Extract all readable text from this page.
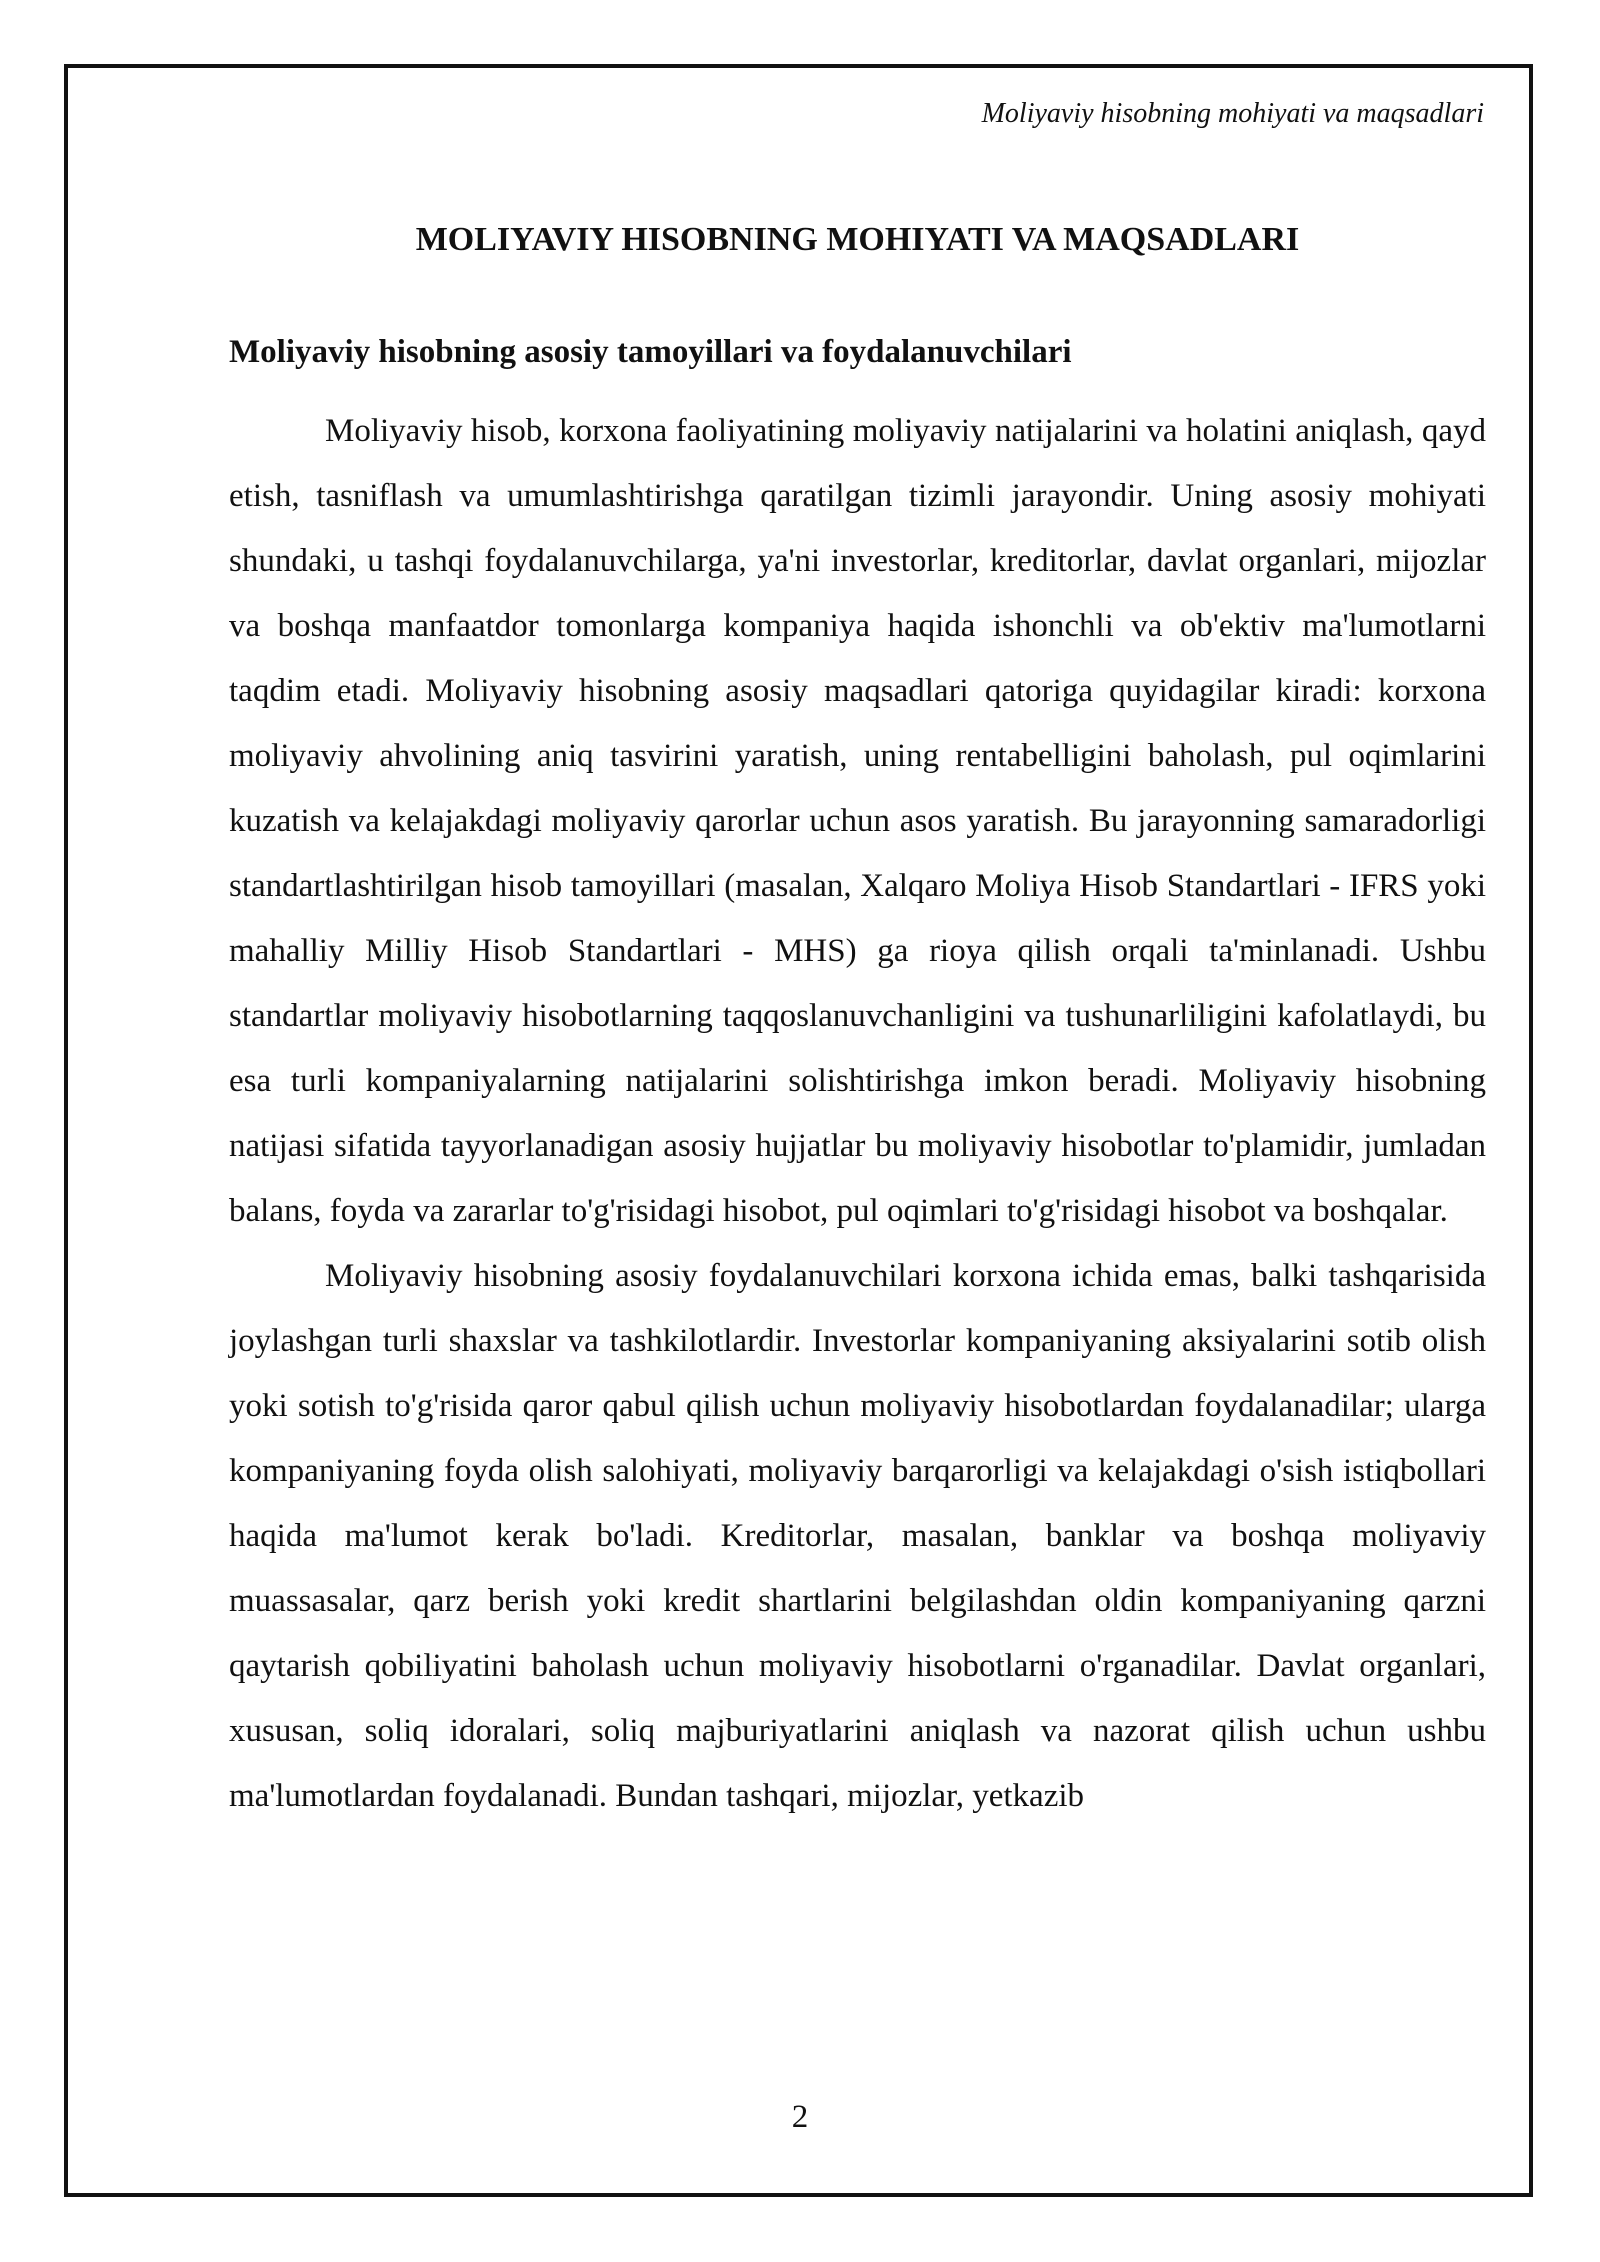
Moliyaviy hisobning mohiyati va maqsadlari
MOLIYAVIY HISOBNING MOHIYATI VA MAQSADLARI
Moliyaviy hisobning asosiy tamoyillari va foydalanuvchilari

Moliyaviy hisob, korxona faoliyatining moliyaviy natijalarini va holatini aniqlash, qayd etish, tasniflash va umumlashtirishga qaratilgan tizimli jarayondir. Uning asosiy mohiyati shundaki, u tashqi foydalanuvchilarga, ya'ni investorlar, kreditorlar, davlat organlari, mijozlar va boshqa manfaatdor tomonlarga kompaniya haqida ishonchli va ob'ektiv ma'lumotlarni taqdim etadi. Moliyaviy hisobning asosiy maqsadlari qatoriga quyidagilar kiradi: korxona moliyaviy ahvolining aniq tasvirini yaratish, uning rentabelligini baholash, pul oqimlarini kuzatish va kelajakdagi moliyaviy qarorlar uchun asos yaratish. Bu jarayonning samaradorligi standartlashtirilgan hisob tamoyillari (masalan, Xalqaro Moliya Hisob Standartlari - IFRS yoki mahalliy Milliy Hisob Standartlari - MHS) ga rioya qilish orqali ta'minlanadi. Ushbu standartlar moliyaviy hisobotlarning taqqoslanuvchanligini va tushunarliligini kafolatlaydi, bu esa turli kompaniyalarning natijalarini solishtirishga imkon beradi. Moliyaviy hisobning natijasi sifatida tayyorlanadigan asosiy hujjatlar bu moliyaviy hisobotlar to'plamidir, jumladan balans, foyda va zararlar to'g'risidagi hisobot, pul oqimlari to'g'risidagi hisobot va boshqalar.

Moliyaviy hisobning asosiy foydalanuvchilari korxona ichida emas, balki tashqarisida joylashgan turli shaxslar va tashkilotlardir. Investorlar kompaniyaning aksiyalarini sotib olish yoki sotish to'g'risida qaror qabul qilish uchun moliyaviy hisobotlardan foydalanadilar; ularga kompaniyaning foyda olish salohiyati, moliyaviy barqarorligi va kelajakdagi o'sish istiqbollari haqida ma'lumot kerak bo'ladi. Kreditorlar, masalan, banklar va boshqa moliyaviy muassasalar, qarz berish yoki kredit shartlarini belgilashdan oldin kompaniyaning qarzni qaytarish qobiliyatini baholash uchun moliyaviy hisobotlarni o'rganadilar. Davlat organlari, xususan, soliq idoralari, soliq majburiyatlarini aniqlash va nazorat qilish uchun ushbu ma'lumotlardan foydalanadi. Bundan tashqari, mijozlar, yetkazib

2
